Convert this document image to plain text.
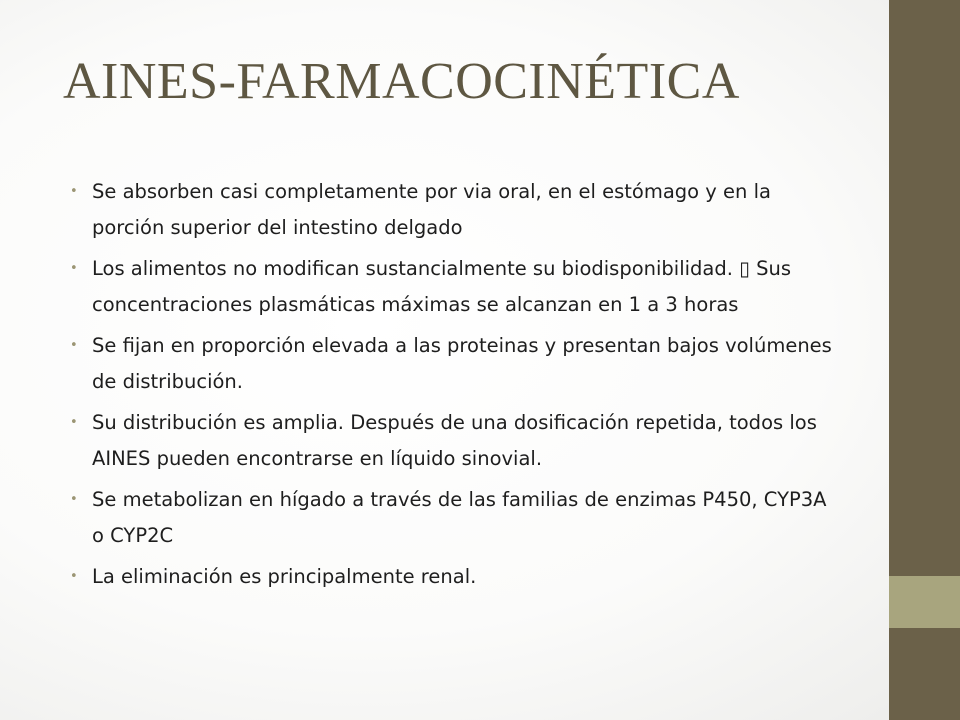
AINES-FARMACOCINÉTICA
• Se absorben casi completamente por via oral, en el estómago y en la porción superior del intestino delgado
• Los alimentos no modifican sustancialmente su biodisponibilidad. ▯ Sus concentraciones plasmáticas máximas se alcanzan en 1 a 3 horas
• Se fijan en proporción elevada a las proteinas y presentan bajos volúmenes de distribución.
• Su distribución es amplia. Después de una dosificación repetida, todos los AINES pueden encontrarse en líquido sinovial.
• Se metabolizan en hígado a través de las familias de enzimas P450, CYP3A o CYP2C
• La eliminación es principalmente renal.
